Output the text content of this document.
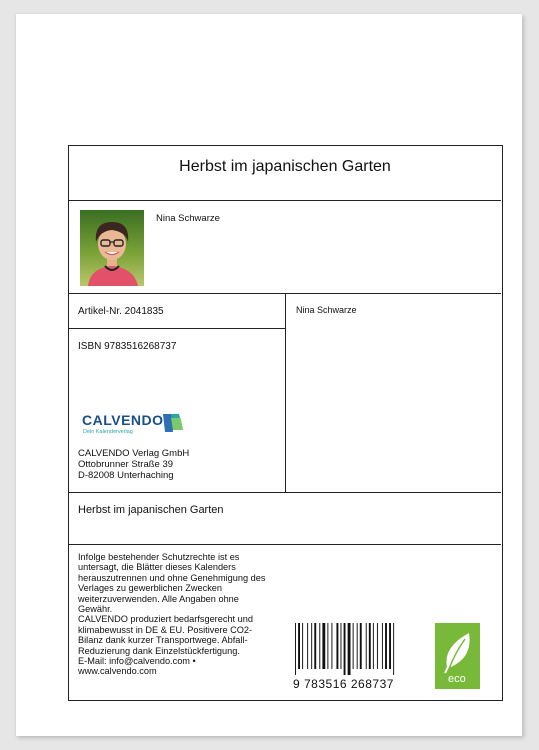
Herbst im japanischen Garten
Nina Schwarze
Artikel-Nr. 2041835	Nina Schwarze
ISBN 9783516268737
CALVENDO
Dein Kalenderverlag
CALVENDO Verlag GmbH
Ottobrunner Straße 39
D-82008 Unterhaching
Herbst im japanischen Garten
Infolge bestehender Schutzrechte ist es
untersagt, die Blätter dieses Kalenders
herauszutrennen und ohne Genehmigung des
Verlages zu gewerblichen Zwecken
weiterzuverwenden. Alle Angaben ohne
Gewähr.
CALVENDO produziert bedarfsgerecht und
klimabewusst in DE & EU. Positivere CO2-
Bilanz dank kurzer Transportwege. Abfall-
Reduzierung dank Einzelstückfertigung.
E-Mail: info@calvendo.com •
www.calvendo.com
9 783516 268737	eco
